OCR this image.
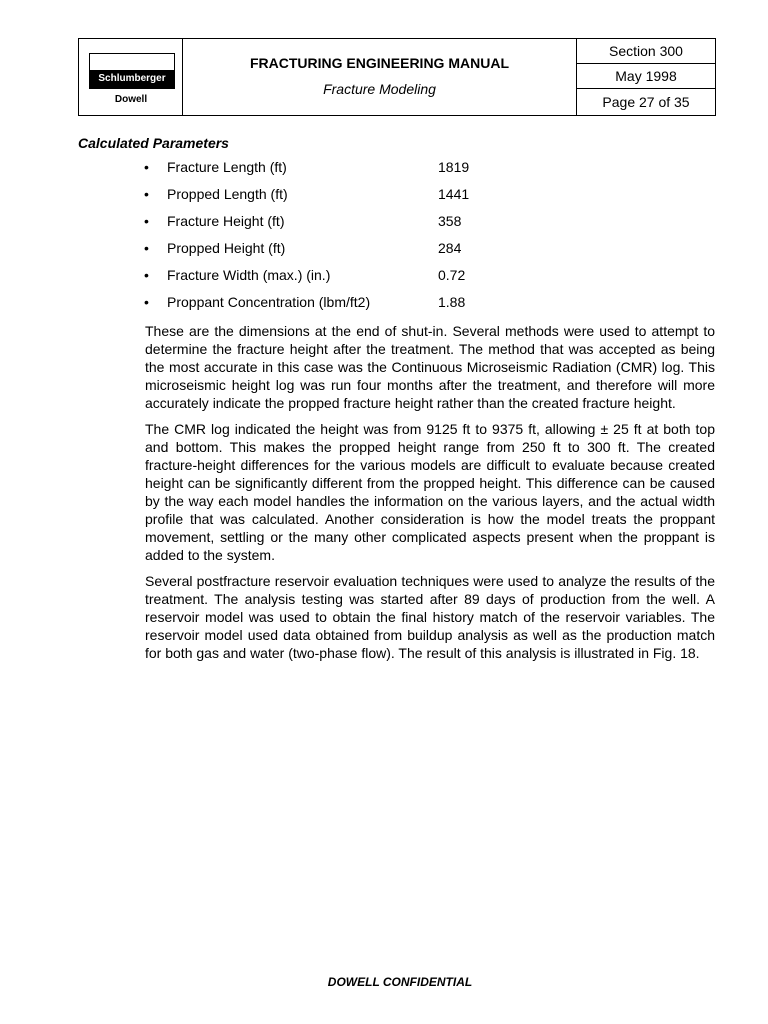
Schlumberger
Dowell
FRACTURING ENGINEERING MANUAL
Fracture Modeling
Section 300
May 1998
Page 27 of 35
Calculated Parameters
• Fracture Length (ft)	1819
• Propped Length (ft)	1441
• Fracture Height (ft)	358
• Propped Height (ft)	284
• Fracture Width (max.) (in.)	0.72
• Proppant Concentration (lbm/ft2)	1.88

These are the dimensions at the end of shut-in. Several methods were used to attempt to determine the fracture height after the treatment. The method that was accepted as being the most accurate in this case was the Continuous Microseismic Radiation (CMR) log. This microseismic height log was run four months after the treatment, and therefore will more accurately indicate the propped fracture height rather than the created fracture height.

The CMR log indicated the height was from 9125 ft to 9375 ft, allowing ± 25 ft at both top and bottom. This makes the propped height range from 250 ft to 300 ft. The created fracture-height differences for the various models are difficult to evaluate because created height can be significantly different from the propped height. This difference can be caused by the way each model handles the information on the various layers, and the actual width profile that was calculated. Another consideration is how the model treats the proppant movement, settling or the many other complicated aspects present when the proppant is added to the system.

Several postfracture reservoir evaluation techniques were used to analyze the results of the treatment. The analysis testing was started after 89 days of production from the well. A reservoir model was used to obtain the final history match of the reservoir variables. The reservoir model used data obtained from buildup analysis as well as the production match for both gas and water (two-phase flow). The result of this analysis is illustrated in Fig. 18.

DOWELL CONFIDENTIAL
